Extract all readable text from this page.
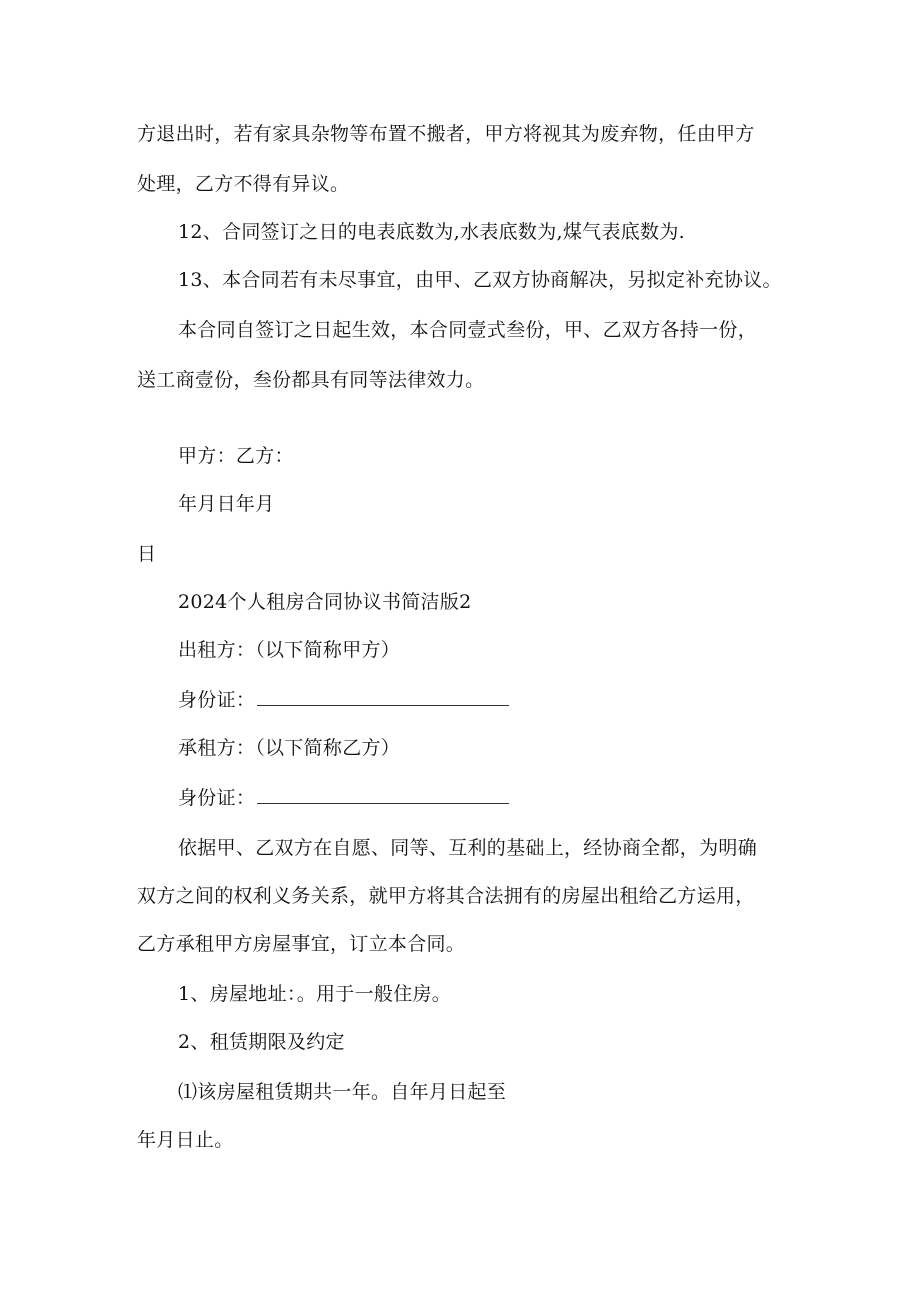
方退出时，若有家具杂物等布置不搬者，甲方将视其为废弃物，任由甲方
处理，乙方不得有异议。
12、合同签订之日的电表底数为,水表底数为,煤气表底数为.
13、本合同若有未尽事宜，由甲、乙双方协商解决，另拟定补充协议。
本合同自签订之日起生效，本合同壹式叁份，甲、乙双方各持一份，
送工商壹份，叁份都具有同等法律效力。
甲方：乙方：
年月日年月
日
2024个人租房合同协议书简洁版2
出租方：（以下简称甲方）
身份证：
承租方：（以下简称乙方）
身份证：
依据甲、乙双方在自愿、同等、互利的基础上，经协商全都，为明确
双方之间的权利义务关系，就甲方将其合法拥有的房屋出租给乙方运用，
乙方承租甲方房屋事宜，订立本合同。
1、房屋地址：。用于一般住房。
2、租赁期限及约定
⑴该房屋租赁期共一年。自年月日起至
年月日止。
